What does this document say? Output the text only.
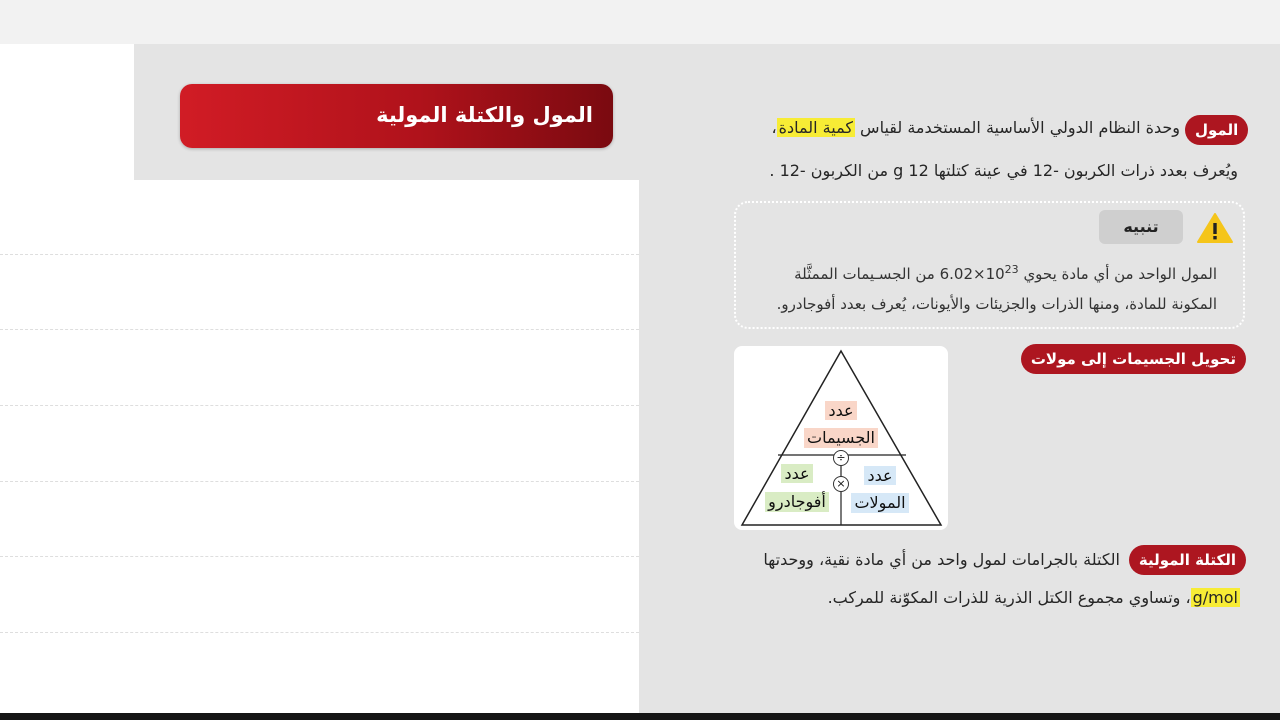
المول والكتلة المولية
المول
وحدة النظام الدولي الأساسية المستخدمة لقياس كمية المادة،
ويُعرف بعدد ذرات الكربون -12 في عينة كتلتها g 12 من الكربون -12 .
تنبيه
المول الواحد من أي مادة يحوي $6.02\times 10^{23}$ من الجسـيمات الممثَّلة
المكونة للمادة، ومنها الذرات والجزيئات والأيونات، يُعرف بعدد أفوجادرو.
تحويل الجسيمات إلى مولات
عدد
الجسيمات
÷
×
عدد
أفوجادرو
عدد
المولات
الكتلة المولية
الكتلة بالجرامات لمول واحد من أي مادة نقية، ووحدتها
g/mol، وتساوي مجموع الكتل الذرية للذرات المكوّنة للمركب.
